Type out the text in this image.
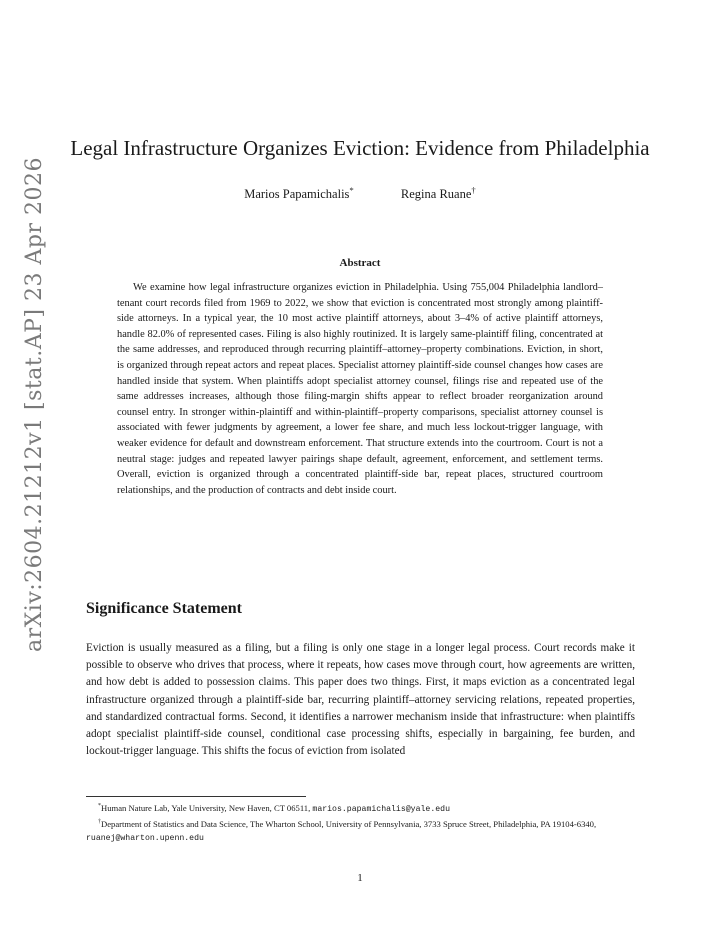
arXiv:2604.21212v1 [stat.AP] 23 Apr 2026
Legal Infrastructure Organizes Eviction: Evidence from Philadelphia
Marios Papamichalis*	Regina Ruane†
Abstract

We examine how legal infrastructure organizes eviction in Philadelphia. Using 755,004 Philadelphia landlord–tenant court records filed from 1969 to 2022, we show that eviction is concentrated most strongly among plaintiff-side attorneys. In a typical year, the 10 most active plaintiff attorneys, about 3–4% of active plaintiff attorneys, handle 82.0% of represented cases. Filing is also highly routinized. It is largely same-plaintiff filing, concentrated at the same addresses, and reproduced through recurring plaintiff–attorney–property combinations. Eviction, in short, is organized through repeat actors and repeat places. Specialist attorney plaintiff-side counsel changes how cases are handled inside that system. When plaintiffs adopt specialist attorney counsel, filings rise and repeated use of the same addresses increases, although those filing-margin shifts appear to reflect broader reorganization around counsel entry. In stronger within-plaintiff and within-plaintiff–property comparisons, specialist attorney counsel is associated with fewer judgments by agreement, a lower fee share, and much less lockout-trigger language, with weaker evidence for default and downstream enforcement. That structure extends into the courtroom. Court is not a neutral stage: judges and repeated lawyer pairings shape default, agreement, enforcement, and settlement terms. Overall, eviction is organized through a concentrated plaintiff-side bar, repeat places, structured courtroom relationships, and the production of contracts and debt inside court.

Significance Statement

Eviction is usually measured as a filing, but a filing is only one stage in a longer legal process. Court records make it possible to observe who drives that process, where it repeats, how cases move through court, how agreements are written, and how debt is added to possession claims. This paper does two things. First, it maps eviction as a concentrated legal infrastructure organized through a plaintiff-side bar, recurring plaintiff–attorney servicing relations, repeated properties, and standardized contractual forms. Second, it identifies a narrower mechanism inside that infrastructure: when plaintiffs adopt specialist plaintiff-side counsel, conditional case processing shifts, especially in bargaining, fee burden, and lockout-trigger language. This shifts the focus of eviction from isolated

*Human Nature Lab, Yale University, New Haven, CT 06511, marios.papamichalis@yale.edu

†Department of Statistics and Data Science, The Wharton School, University of Pennsylvania, 3733 Spruce Street, Philadelphia, PA 19104-6340, ruanej@wharton.upenn.edu

1
